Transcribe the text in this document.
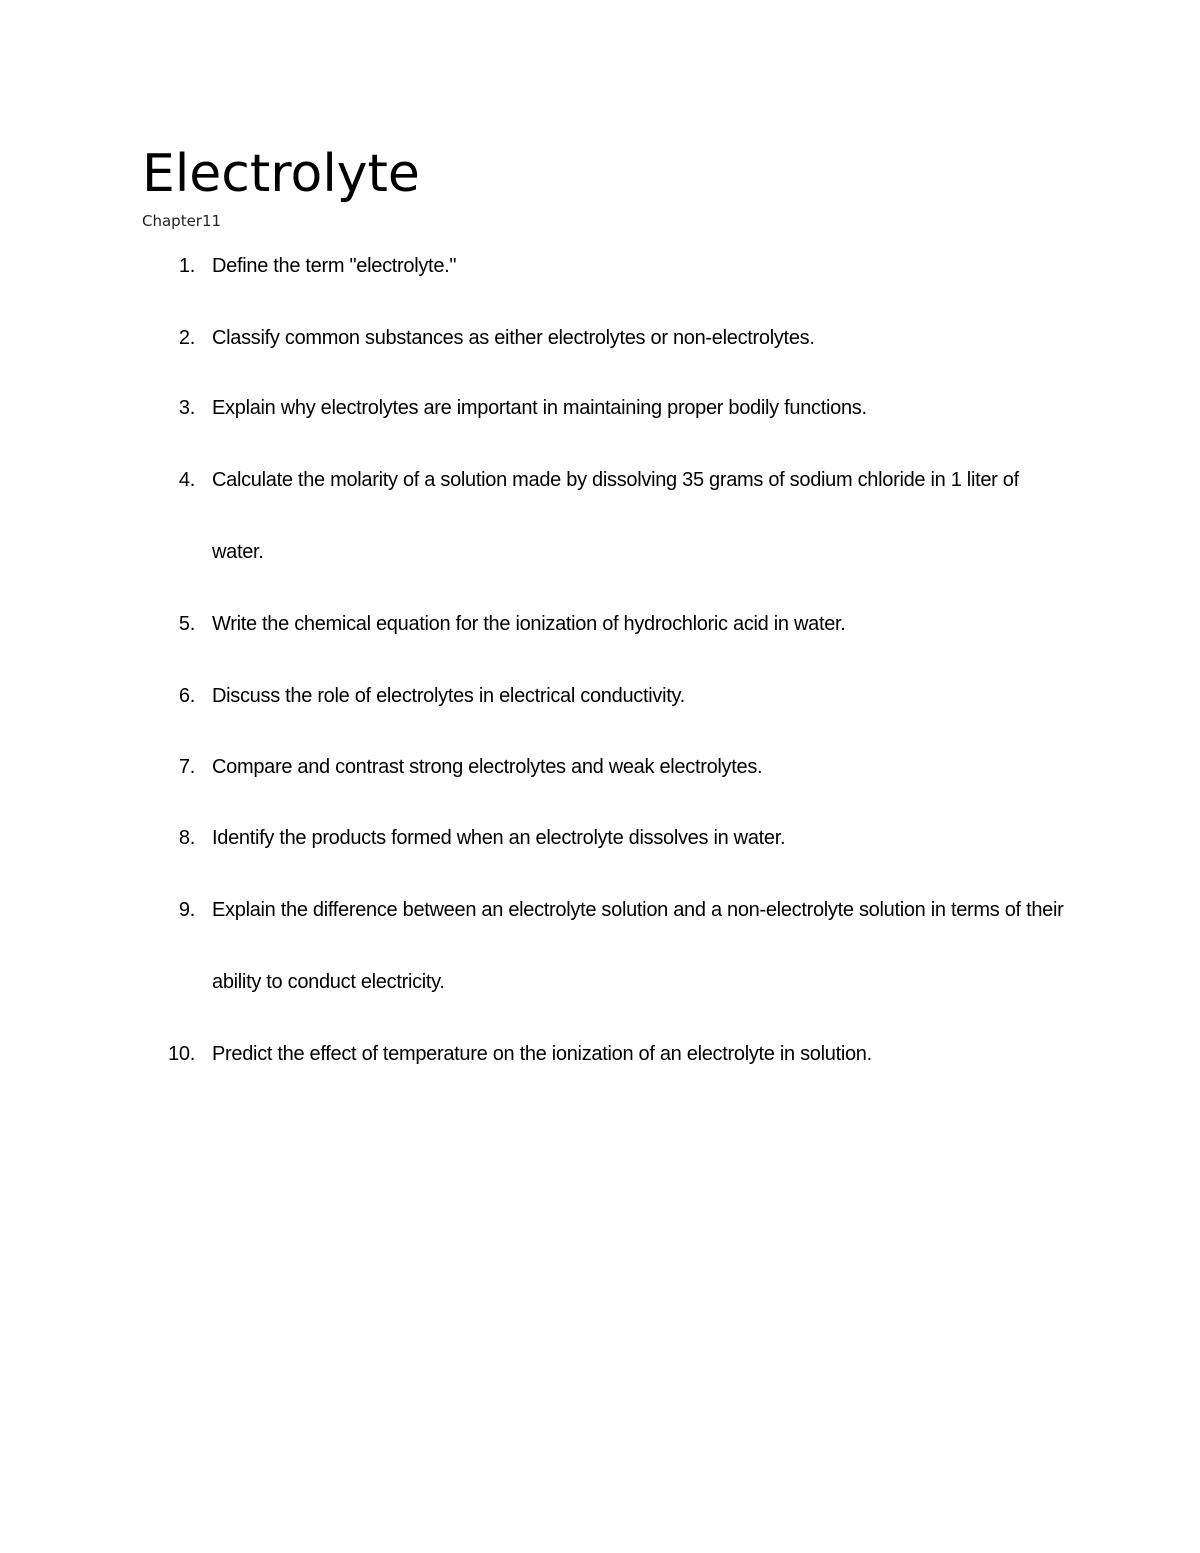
Electrolyte

Chapter11

1. Define the term "electrolyte."
2. Classify common substances as either electrolytes or non-electrolytes.
3. Explain why electrolytes are important in maintaining proper bodily functions.
4. Calculate the molarity of a solution made by dissolving 35 grams of sodium chloride in 1 liter of water.
5. Write the chemical equation for the ionization of hydrochloric acid in water.
6. Discuss the role of electrolytes in electrical conductivity.
7. Compare and contrast strong electrolytes and weak electrolytes.
8. Identify the products formed when an electrolyte dissolves in water.
9. Explain the difference between an electrolyte solution and a non-electrolyte solution in terms of their ability to conduct electricity.
10. Predict the effect of temperature on the ionization of an electrolyte in solution.
